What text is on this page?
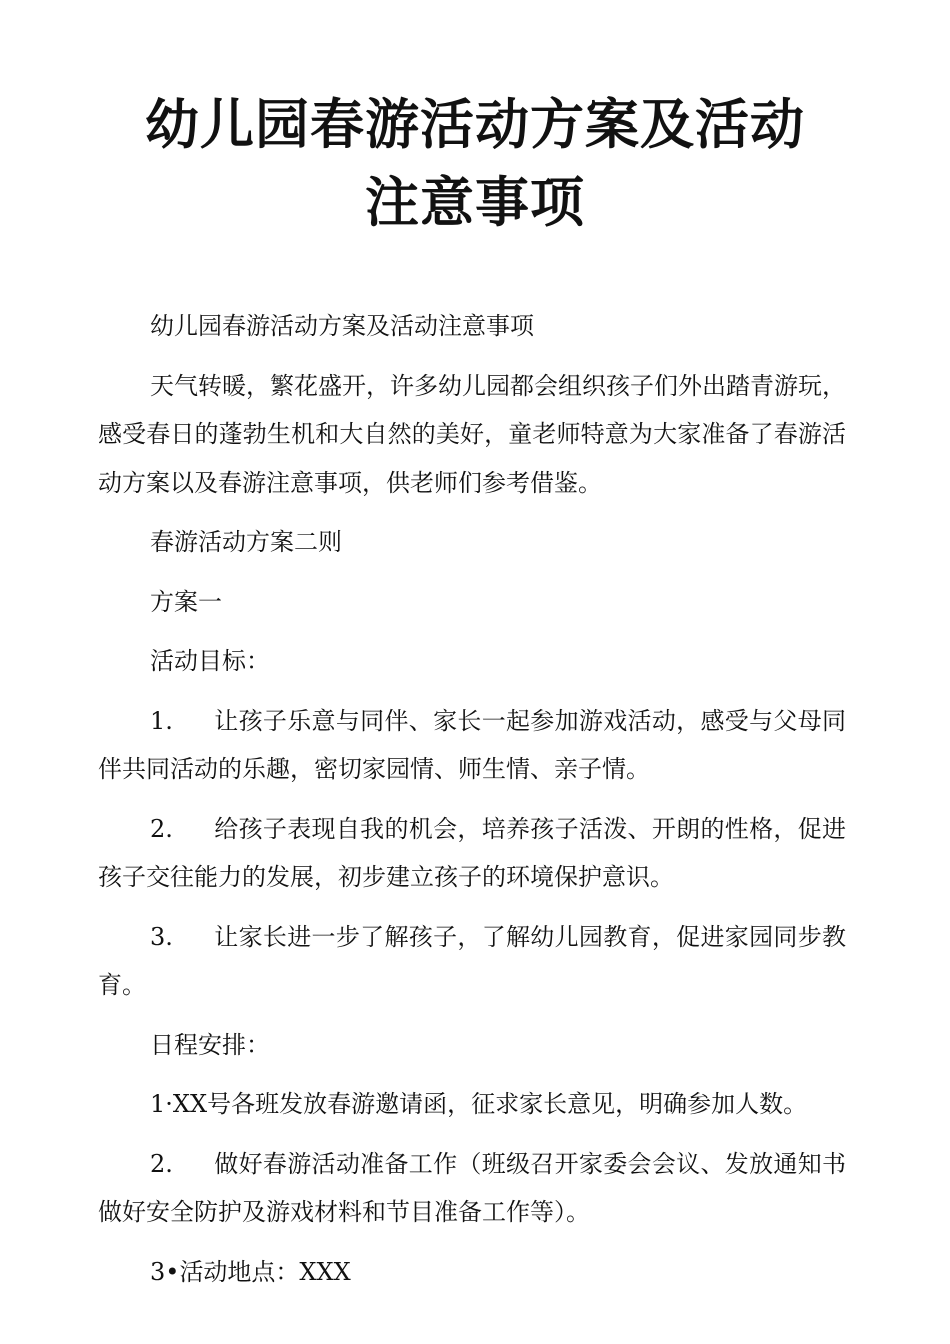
幼儿园春游活动方案及活动
注意事项

幼儿园春游活动方案及活动注意事项

天气转暖，繁花盛开，许多幼儿园都会组织孩子们外出踏青游玩，感受春日的蓬勃生机和大自然的美好，童老师特意为大家准备了春游活动方案以及春游注意事项，供老师们参考借鉴。

春游活动方案二则

方案一

活动目标：

1. 让孩子乐意与同伴、家长一起参加游戏活动，感受与父母同伴共同活动的乐趣，密切家园情、师生情、亲子情。

2. 给孩子表现自我的机会，培养孩子活泼、开朗的性格，促进孩子交往能力的发展，初步建立孩子的环境保护意识。

3. 让家长进一步了解孩子，了解幼儿园教育，促进家园同步教育。

日程安排：

1·XX号各班发放春游邀请函，征求家长意见，明确参加人数。

2. 做好春游活动准备工作（班级召开家委会会议、发放通知书做好安全防护及游戏材料和节目准备工作等）。

3•活动地点：XXX
